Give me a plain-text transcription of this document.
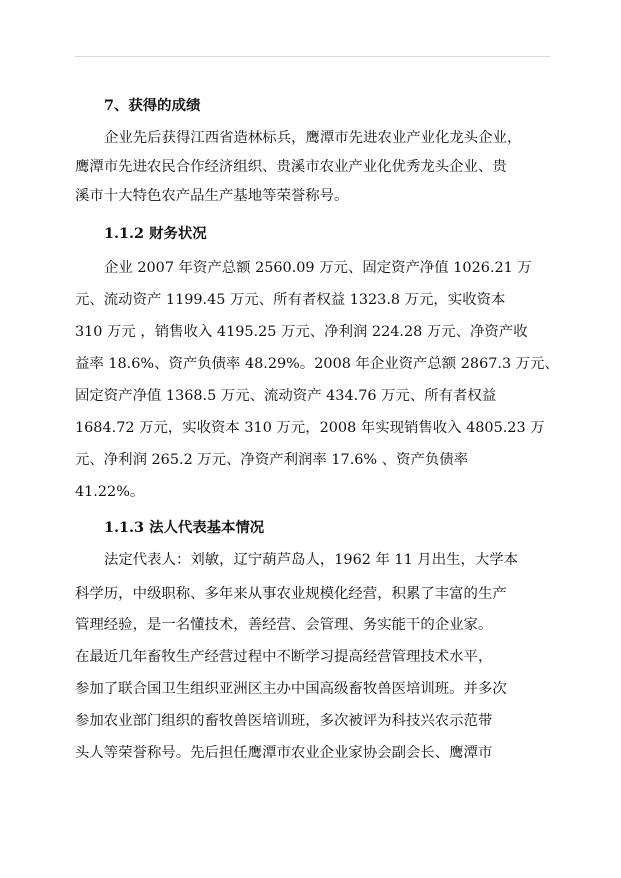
7、获得的成绩
企业先后获得江西省造林标兵，鹰潭市先进农业产业化龙头企业，
鹰潭市先进农民合作经济组织、贵溪市农业产业化优秀龙头企业、贵
溪市十大特色农产品生产基地等荣誉称号。
1.1.2 财务状况
企业 2007 年资产总额 2560.09 万元、固定资产净值 1026.21 万
元、流动资产 1199.45 万元、所有者权益 1323.8 万元，实收资本
310 万元 ，销售收入 4195.25 万元、净利润 224.28 万元、净资产收
益率 18.6%、资产负债率 48.29%。2008 年企业资产总额 2867.3 万元、
固定资产净值 1368.5 万元、流动资产 434.76 万元、所有者权益
1684.72 万元，实收资本 310 万元，2008 年实现销售收入 4805.23 万
元、净利润 265.2 万元、净资产利润率 17.6% 、资产负债率
41.22%。
1.1.3 法人代表基本情况
法定代表人：刘敏，辽宁葫芦岛人，1962 年 11 月出生，大学本
科学历，中级职称、多年来从事农业规模化经营，积累了丰富的生产
管理经验，是一名懂技术，善经营、会管理、务实能干的企业家。
在最近几年畜牧生产经营过程中不断学习提高经营管理技术水平，
参加了联合国卫生组织亚洲区主办中国高级畜牧兽医培训班。并多次
参加农业部门组织的畜牧兽医培训班，多次被评为科技兴农示范带
头人等荣誉称号。先后担任鹰潭市农业企业家协会副会长、鹰潭市
